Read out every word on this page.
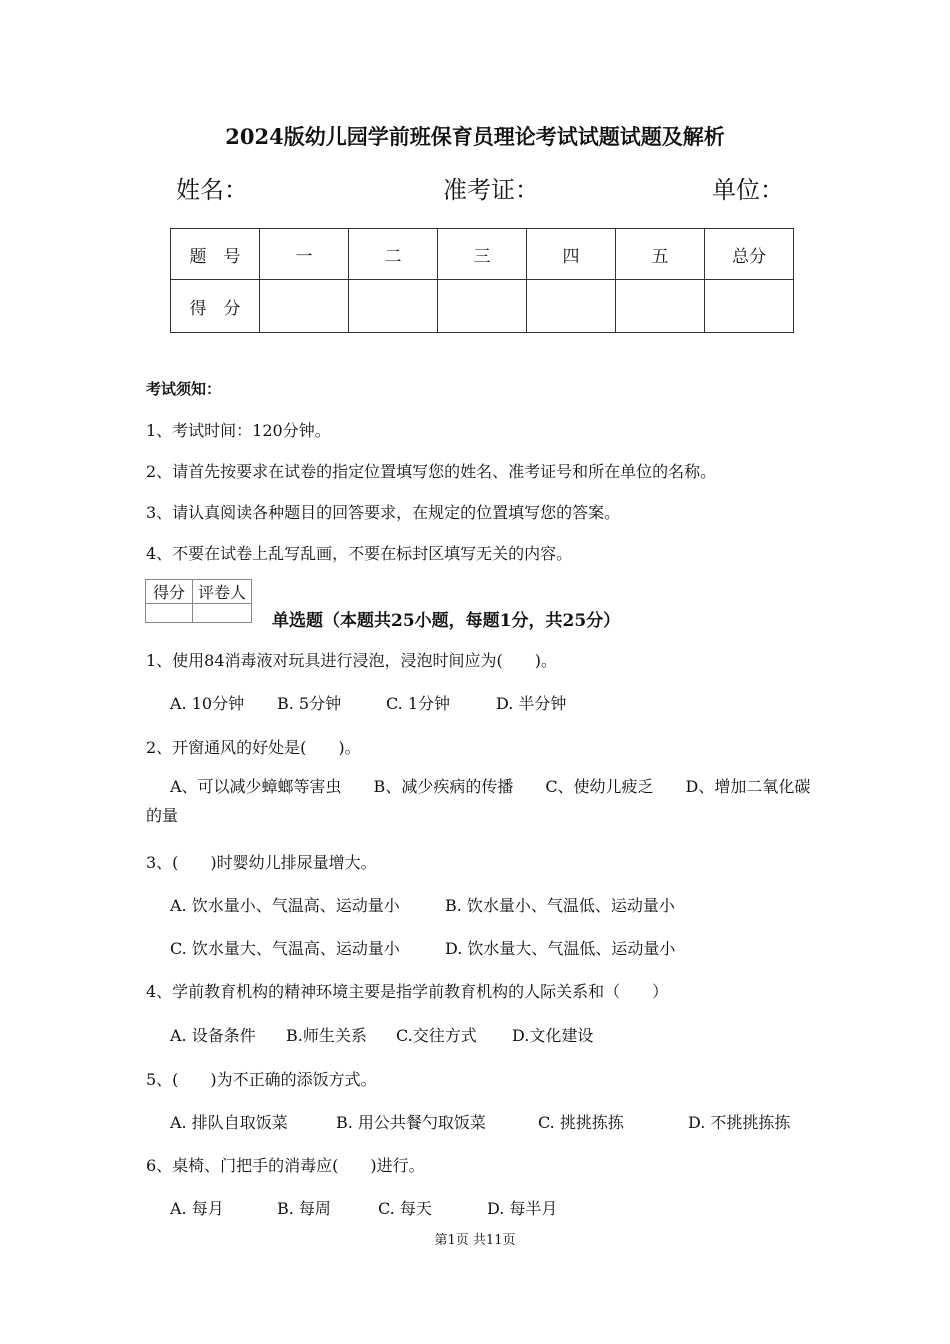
2024版幼儿园学前班保育员理论考试试题试题及解析
姓名：	准考证：	单位：
题　号	一	二	三	四	五	总分
得　分						
考试须知：
1、考试时间：120分钟。
2、请首先按要求在试卷的指定位置填写您的姓名、准考证号和所在单位的名称。
3、请认真阅读各种题目的回答要求，在规定的位置填写您的答案。
4、不要在试卷上乱写乱画，不要在标封区填写无关的内容。
得分	评卷人

单选题（本题共25小题，每题1分，共25分）
1、使用84消毒液对玩具进行浸泡，浸泡时间应为(　　)。
A. 10分钟 B. 5分钟	C. 1分钟	D. 半分钟
2、开窗通风的好处是(　　)。
A、可以减少蟑螂等害虫　　B、减少疾病的传播　　C、使幼儿疲乏　　D、增加二氧化碳的量
3、(　　)时婴幼儿排尿量增大。
A. 饮水量小、气温高、运动量小	B. 饮水量小、气温低、运动量小
C. 饮水量大、气温高、运动量小	D. 饮水量大、气温低、运动量小
4、学前教育机构的精神环境主要是指学前教育机构的人际关系和（　　）
A. 设备条件 B.师生关系 C.交往方式 D.文化建设
5、(　　)为不正确的添饭方式。
A. 排队自取饭菜	B. 用公共餐勺取饭菜	C. 挑挑拣拣	D. 不挑挑拣拣
6、桌椅、门把手的消毒应(　　)进行。
A. 每月	B. 每周	C. 每天	D. 每半月
第1页 共11页
